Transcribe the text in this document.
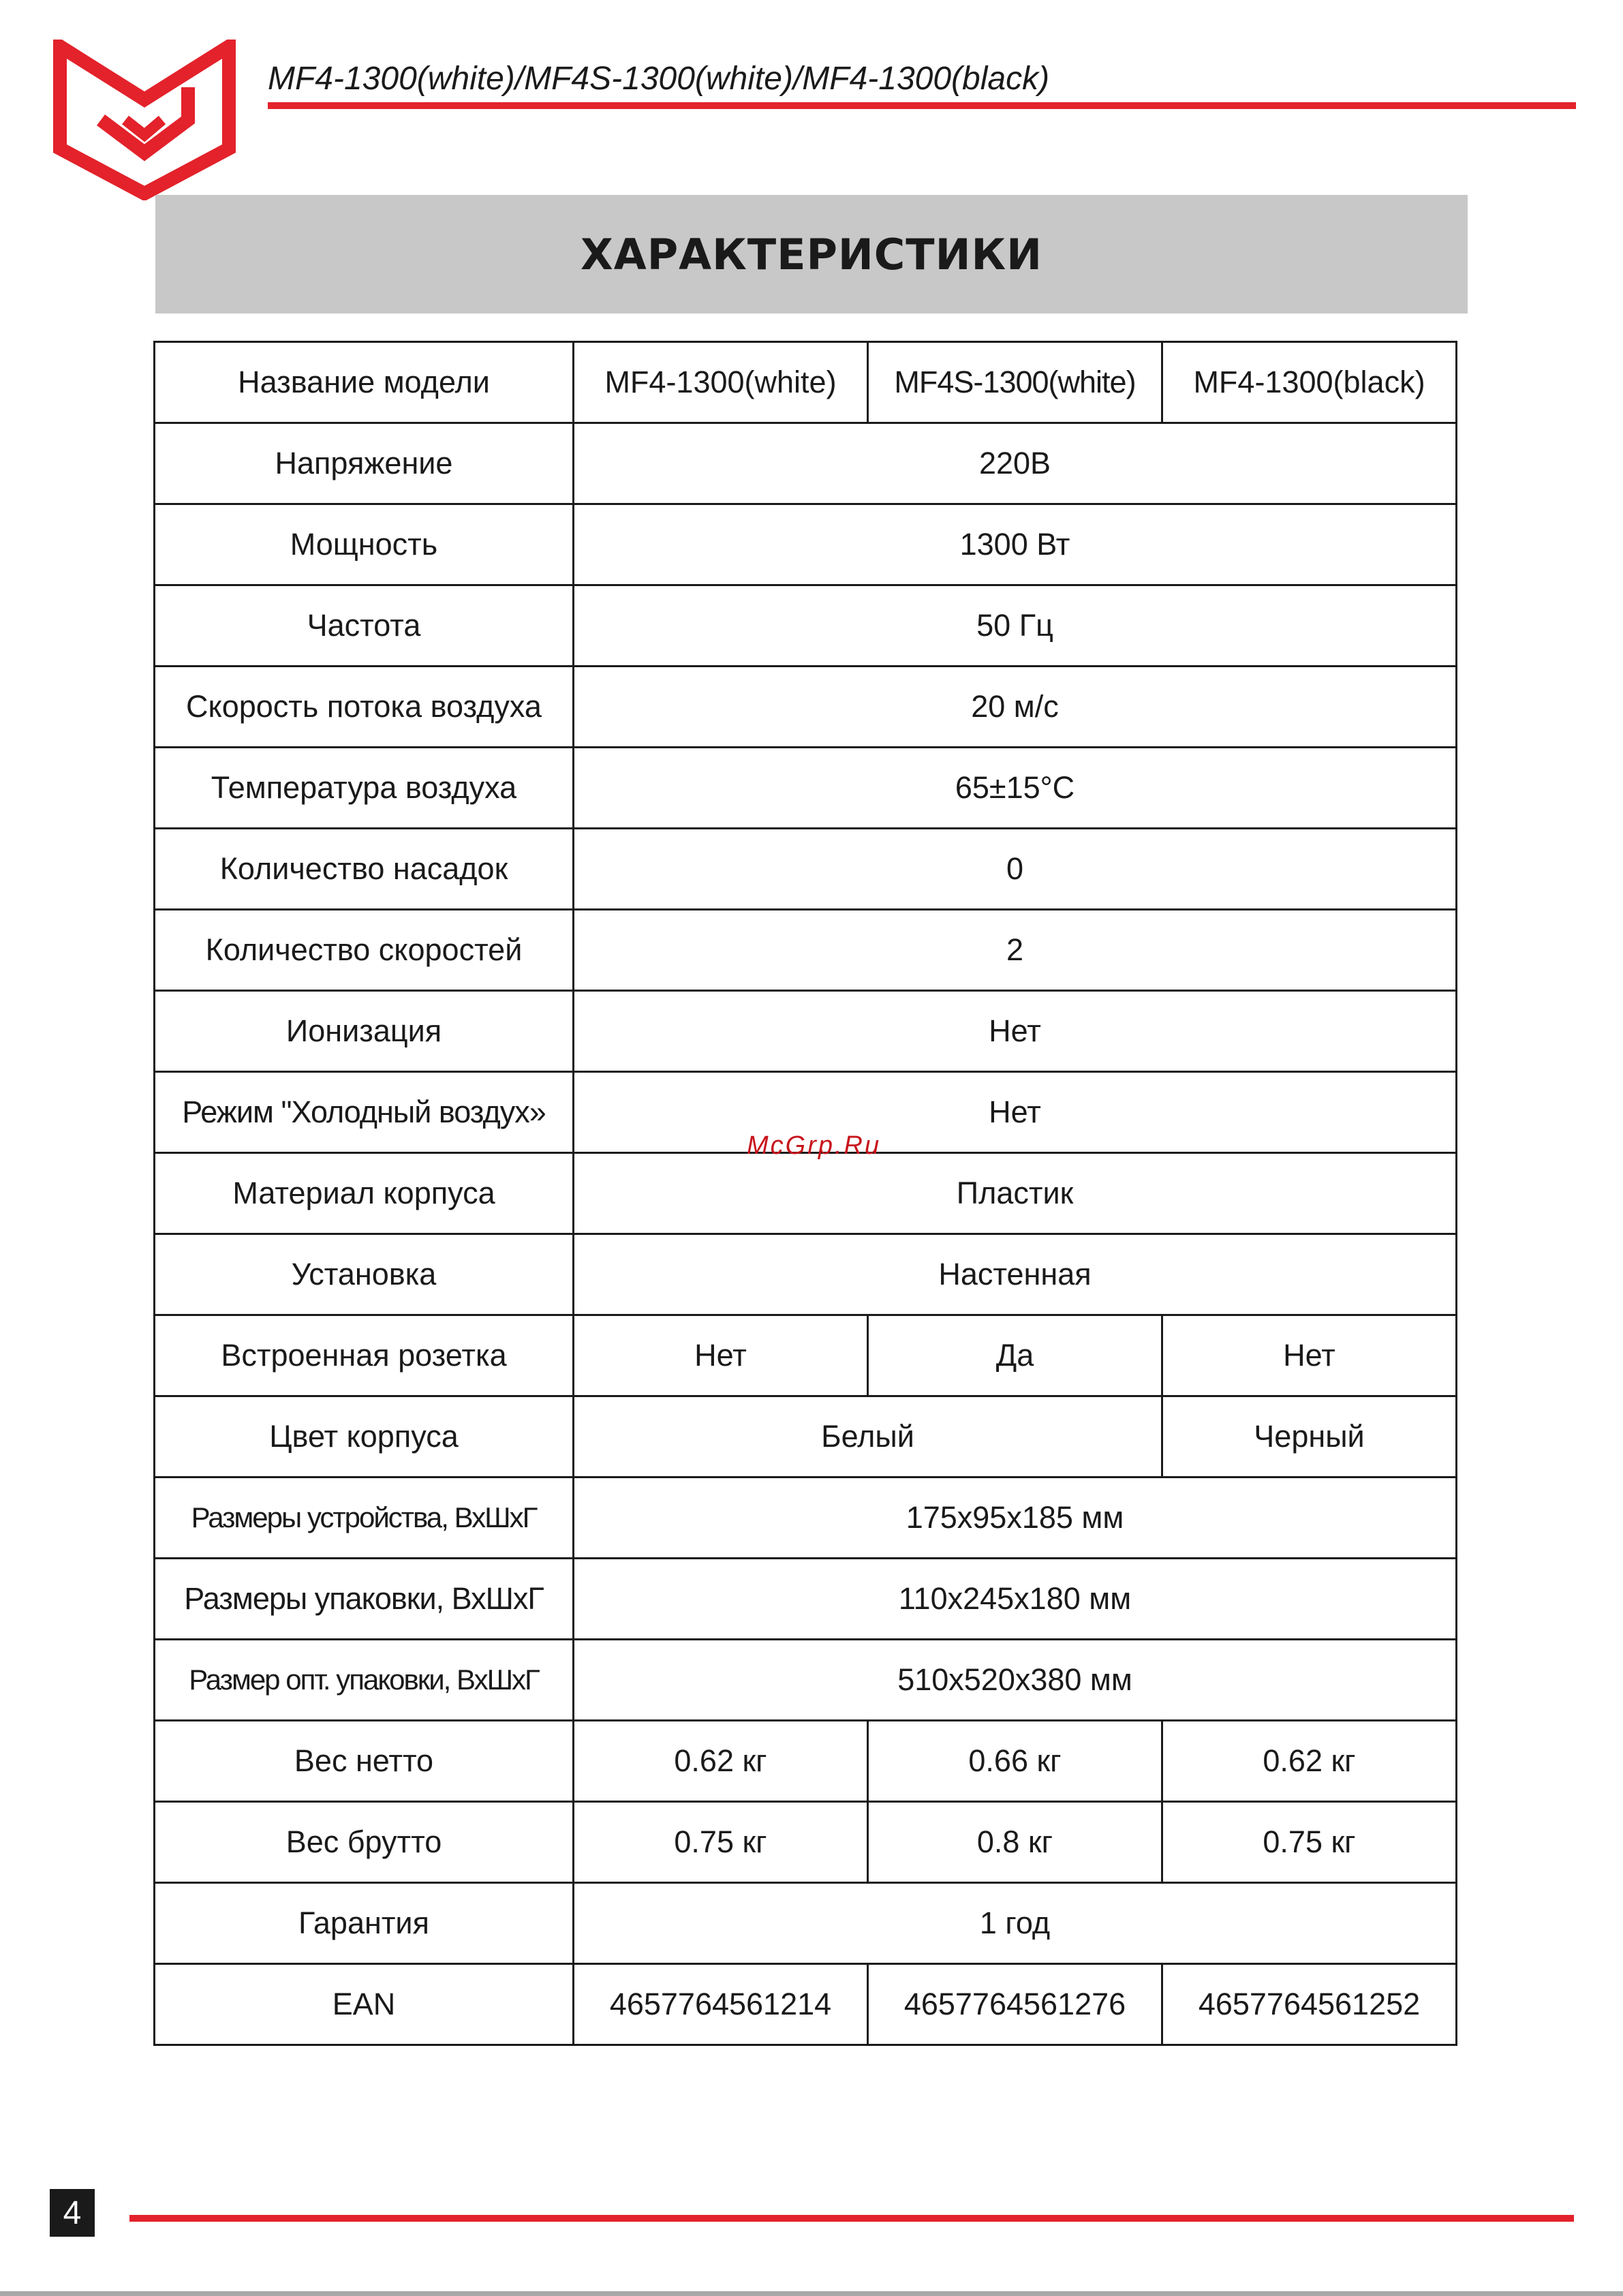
MF4-1300(white)/MF4S-1300(white)/MF4-1300(black)
ХАРАКТЕРИСТИКИ
Название модели	MF4-1300(white)	MF4S-1300(white)	MF4-1300(black)
Напряжение	220В		
Мощность	1300 Вт		
Частота	50 Гц		
Скорость потока воздуха	20 м/с		
Температура воздуха	65±15°С		
Количество насадок	0		
Количество скоростей	2		
Ионизация	Нет		
Режим "Холодный воздух»	Нет		
Материал корпуса	Пластик		
Установка	Настенная		
Встроенная розетка	Нет	Да	Нет
Цвет корпуса	Белый		Черный
Размеры устройства, ВхШхГ	175x95x185 мм		
Размеры упаковки, ВхШхГ	110x245x180 мм		
Размер опт. упаковки, ВхШхГ	510x520x380 мм		
Вес нетто	0.62 кг	0.66 кг	0.62 кг
Вес брутто	0.75 кг	0.8 кг	0.75 кг
Гарантия	1 год		
EAN	4657764561214	4657764561276	4657764561252
McGrp.Ru
4
